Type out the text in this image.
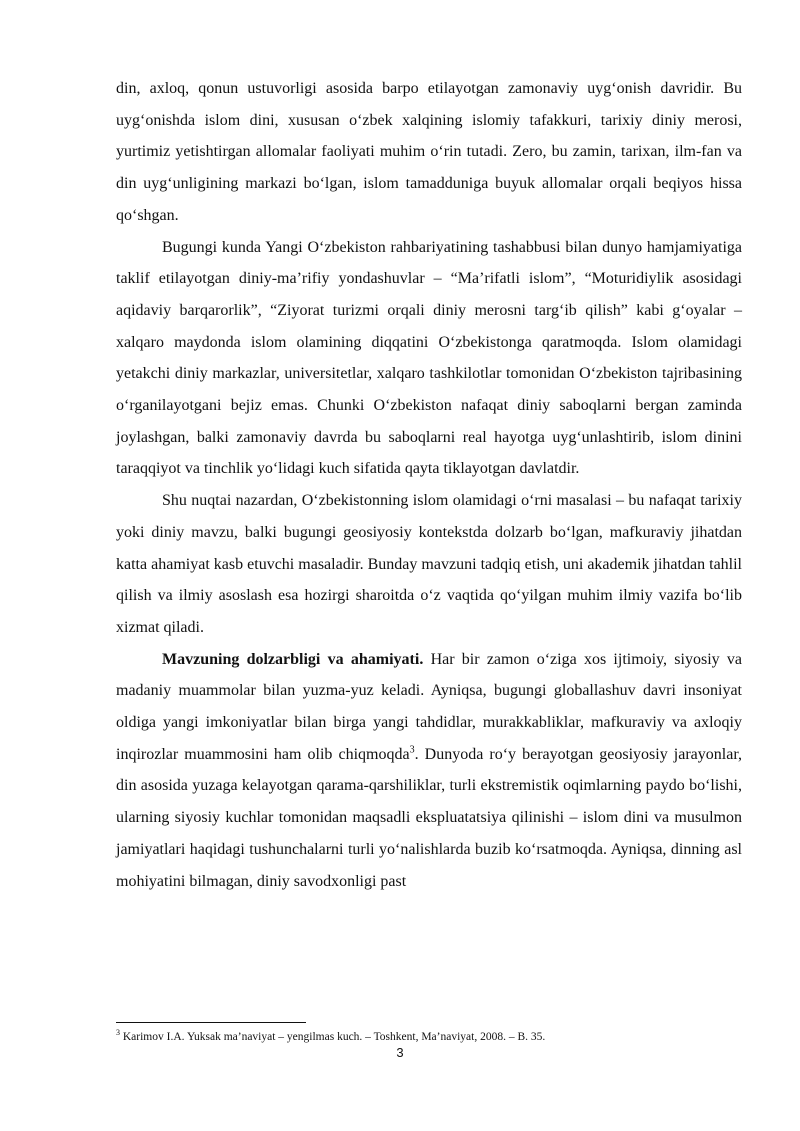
din, axloq, qonun ustuvorligi asosida barpo etilayotgan zamonaviy uyg‘onish davridir. Bu uyg‘onishda islom dini, xususan o‘zbek xalqining islomiy tafakkuri, tarixiy diniy merosi, yurtimiz yetishtirgan allomalar faoliyati muhim o‘rin tutadi. Zero, bu zamin, tarixan, ilm-fan va din uyg‘unligining markazi bo‘lgan, islom tamadduniga buyuk allomalar orqali beqiyos hissa qo‘shgan.

Bugungi kunda Yangi O‘zbekiston rahbariyatining tashabbusi bilan dunyo hamjamiyatiga taklif etilayotgan diniy-ma’rifiy yondashuvlar – “Ma’rifatli islom”, “Moturidiylik asosidagi aqidaviy barqarorlik”, “Ziyorat turizmi orqali diniy merosni targ‘ib qilish” kabi g‘oyalar – xalqaro maydonda islom olamining diqqatini O‘zbekistonga qaratmoqda. Islom olamidagi yetakchi diniy markazlar, universitetlar, xalqaro tashkilotlar tomonidan O‘zbekiston tajribasining o‘rganilayotgani bejiz emas. Chunki O‘zbekiston nafaqat diniy saboqlarni bergan zaminda joylashgan, balki zamonaviy davrda bu saboqlarni real hayotga uyg‘unlashtirib, islom dinini taraqqiyot va tinchlik yo‘lidagi kuch sifatida qayta tiklayotgan davlatdir.

Shu nuqtai nazardan, O‘zbekistonning islom olamidagi o‘rni masalasi – bu nafaqat tarixiy yoki diniy mavzu, balki bugungi geosiyosiy kontekstda dolzarb bo‘lgan, mafkuraviy jihatdan katta ahamiyat kasb etuvchi masaladir. Bunday mavzuni tadqiq etish, uni akademik jihatdan tahlil qilish va ilmiy asoslash esa hozirgi sharoitda o‘z vaqtida qo‘yilgan muhim ilmiy vazifa bo‘lib xizmat qiladi.

Mavzuning dolzarbligi va ahamiyati. Har bir zamon o‘ziga xos ijtimoiy, siyosiy va madaniy muammolar bilan yuzma-yuz keladi. Ayniqsa, bugungi globallashuv davri insoniyat oldiga yangi imkoniyatlar bilan birga yangi tahdidlar, murakkabliklar, mafkuraviy va axloqiy inqirozlar muammosini ham olib chiqmoqda$^3$. Dunyoda ro‘y berayotgan geosiyosiy jarayonlar, din asosida yuzaga kelayotgan qarama-qarshiliklar, turli ekstremistik oqimlarning paydo bo‘lishi, ularning siyosiy kuchlar tomonidan maqsadli ekspluatatsiya qilinishi – islom dini va musulmon jamiyatlari haqidagi tushunchalarni turli yo‘nalishlarda buzib ko‘rsatmoqda. Ayniqsa, dinning asl mohiyatini bilmagan, diniy savodxonligi past

$^3$ Karimov I.A. Yuksak ma’naviyat – yengilmas kuch. – Toshkent, Ma’naviyat, 2008. – B. 35.

3
